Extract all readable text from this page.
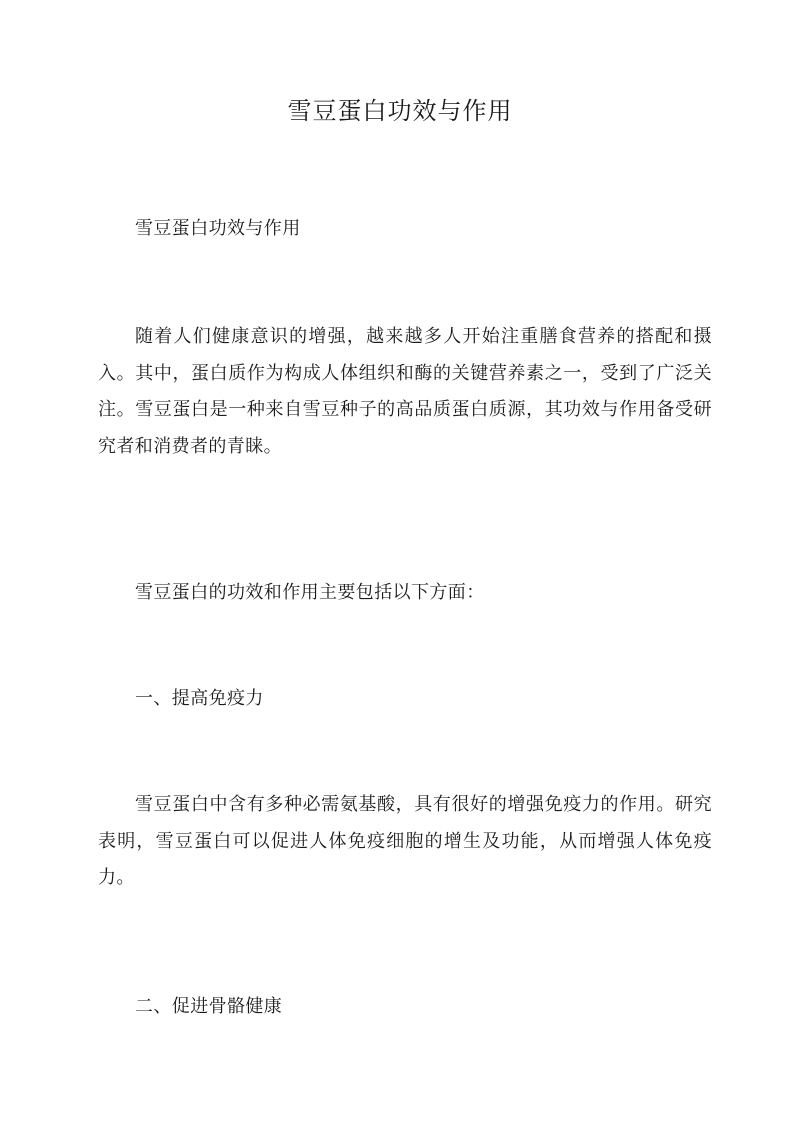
雪豆蛋白功效与作用

雪豆蛋白功效与作用

随着人们健康意识的增强，越来越多人开始注重膳食营养的搭配和摄入。其中，蛋白质作为构成人体组织和酶的关键营养素之一，受到了广泛关注。雪豆蛋白是一种来自雪豆种子的高品质蛋白质源，其功效与作用备受研究者和消费者的青睐。

雪豆蛋白的功效和作用主要包括以下方面：

一、提高免疫力

雪豆蛋白中含有多种必需氨基酸，具有很好的增强免疫力的作用。研究表明，雪豆蛋白可以促进人体免疫细胞的增生及功能，从而增强人体免疫力。

二、促进骨骼健康
